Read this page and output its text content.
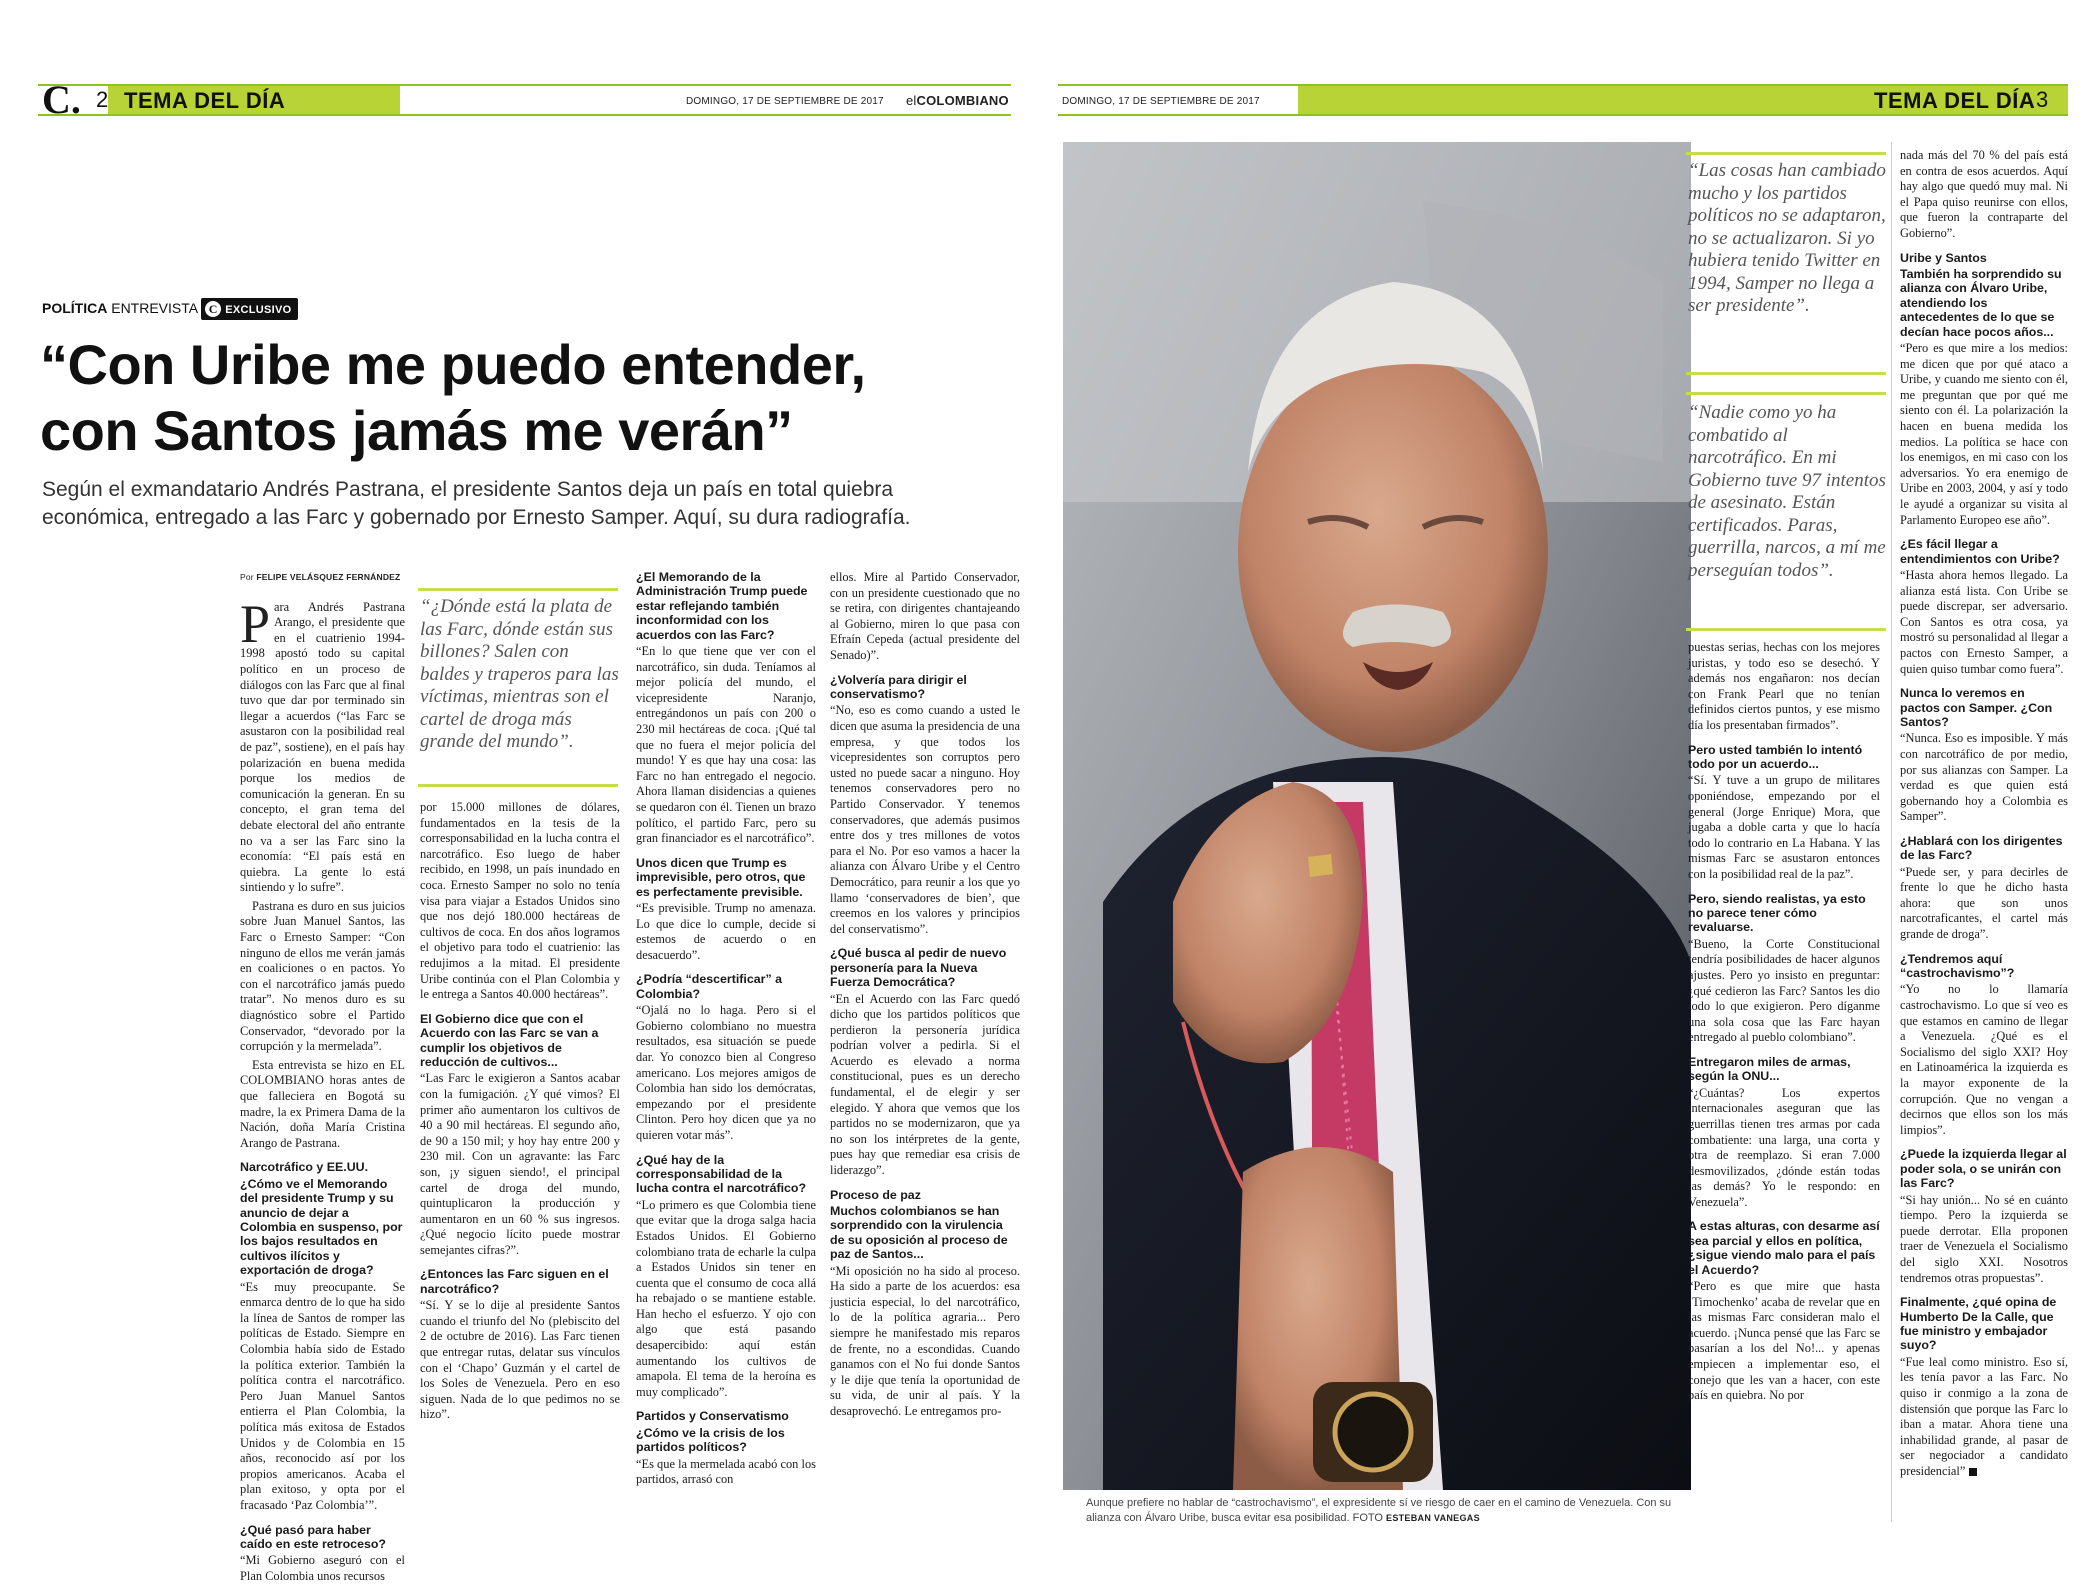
C. 2 TEMA DEL DÍA	DOMINGO, 17 DE SEPTIEMBRE DE 2017 elCOLOMBIANO	DOMINGO, 17 DE SEPTIEMBRE DE 2017	TEMA DEL DÍA 3
POLÍTICA ENTREVISTA C EXCLUSIVO
“Con Uribe me puedo entender,
con Santos jamás me verán”
Según el exmandatario Andrés Pastrana, el presidente Santos deja un país en total quiebra
económica, entregado a las Farc y gobernado por Ernesto Samper. Aquí, su dura radiografía.
“¿Dónde está la plata de las Farc, dónde están sus billones? Salen con baldes y traperos para las víctimas, mientras son el cartel de droga más grande del mundo”.
Por FELIPE VELÁSQUEZ FERNÁNDEZ

Para Andrés Pastrana Arango, el presidente que en el cuatrienio 1994-1998 apostó todo su capital político en un proceso de diálogos con las Farc que al final tuvo que dar por terminado sin llegar a acuerdos (“las Farc se asustaron con la posibilidad real de paz”, sostiene), en el país hay polarización en buena medida porque los medios de comunicación la generan. En su concepto, el gran tema del debate electoral del año entrante no va a ser las Farc sino la economía: “El país está en quiebra. La gente lo está sintiendo y lo sufre”.

Pastrana es duro en sus juicios sobre Juan Manuel Santos, las Farc o Ernesto Samper: “Con ninguno de ellos me verán jamás en coaliciones o en pactos. Yo con el narcotráfico jamás puedo tratar”. No menos duro es su diagnóstico sobre el Partido Conservador, “devorado por la corrupción y la mermelada”.

Esta entrevista se hizo en EL COLOMBIANO horas antes de que falleciera en Bogotá su madre, la ex Primera Dama de la Nación, doña María Cristina Arango de Pastrana.

Narcotráfico y EE.UU.
¿Cómo ve el Memorando del presidente Trump y su anuncio de dejar a Colombia en suspenso, por los bajos resultados en cultivos ilícitos y exportación de droga?

“Es muy preocupante. Se enmarca dentro de lo que ha sido la línea de Santos de romper las políticas de Estado. Siempre en Colombia había sido de Estado la política exterior. También la política contra el narcotráfico. Pero Juan Manuel Santos entierra el Plan Colombia, la política más exitosa de Estados Unidos y de Colombia en 15 años, reconocido así por los propios americanos. Acaba el plan exitoso, y opta por el fracasado ‘Paz Colombia’”.

¿Qué pasó para haber caído en este retroceso?

“Mi Gobierno aseguró con el Plan Colombia unos recursos

por 15.000 millones de dólares, fundamentados en la tesis de la corresponsabilidad en la lucha contra el narcotráfico. Eso luego de haber recibido, en 1998, un país inundado en coca. Ernesto Samper no solo no tenía visa para viajar a Estados Unidos sino que nos dejó 180.000 hectáreas de cultivos de coca. En dos años logramos el objetivo para todo el cuatrienio: las redujimos a la mitad. El presidente Uribe continúa con el Plan Colombia y le entrega a Santos 40.000 hectáreas”.

El Gobierno dice que con el Acuerdo con las Farc se van a cumplir los objetivos de reducción de cultivos...

“Las Farc le exigieron a Santos acabar con la fumigación. ¿Y qué vimos? El primer año aumentaron los cultivos de 40 a 90 mil hectáreas. El segundo año, de 90 a 150 mil; y hoy hay entre 200 y 230 mil. Con un agravante: las Farc son, ¡y siguen siendo!, el principal cartel de droga del mundo, quintuplicaron la producción y aumentaron en un 60 % sus ingresos. ¿Qué negocio lícito puede mostrar semejantes cifras?”.

¿Entonces las Farc siguen en el narcotráfico?

“Sí. Y se lo dije al presidente Santos cuando el triunfo del No (plebiscito del 2 de octubre de 2016). Las Farc tienen que entregar rutas, delatar sus vínculos con el ‘Chapo’ Guzmán y el cartel de los Soles de Venezuela. Pero en eso siguen. Nada de lo que pedimos no se hizo”.

¿El Memorando de la Administración Trump puede estar reflejando también inconformidad con los acuerdos con las Farc?

“En lo que tiene que ver con el narcotráfico, sin duda. Teníamos al mejor policía del mundo, el vicepresidente Naranjo, entregándonos un país con 200 o 230 mil hectáreas de coca. ¡Qué tal que no fuera el mejor policía del mundo! Y es que hay una cosa: las Farc no han entregado el negocio. Ahora llaman disidencias a quienes se quedaron con él. Tienen un brazo político, el partido Farc, pero su gran financiador es el narcotráfico”.

Unos dicen que Trump es imprevisible, pero otros, que es perfectamente previsible.

“Es previsible. Trump no amenaza. Lo que dice lo cumple, decide si estemos de acuerdo o en desacuerdo”.

¿Podría “descertificar” a Colombia?

“Ojalá no lo haga. Pero si el Gobierno colombiano no muestra resultados, esa situación se puede dar. Yo conozco bien al Congreso americano. Los mejores amigos de Colombia han sido los demócratas, empezando por el presidente Clinton. Pero hoy dicen que ya no quieren votar más”.

¿Qué hay de la corresponsabilidad de la lucha contra el narcotráfico?

“Lo primero es que Colombia tiene que evitar que la droga salga hacia Estados Unidos. El Gobierno colombiano trata de echarle la culpa a Estados Unidos sin tener en cuenta que el consumo de coca allá ha rebajado o se mantiene estable. Han hecho el esfuerzo. Y ojo con algo que está pasando desapercibido: aquí están aumentando los cultivos de amapola. El tema de la heroína es muy complicado”.

Partidos y Conservatismo
¿Cómo ve la crisis de los partidos políticos?

“Es que la mermelada acabó con los partidos, arrasó con

ellos. Mire al Partido Conservador, con un presidente cuestionado que no se retira, con dirigentes chantajeando al Gobierno, miren lo que pasa con Efraín Cepeda (actual presidente del Senado)”.

¿Volvería para dirigir el conservatismo?

“No, eso es como cuando a usted le dicen que asuma la presidencia de una empresa, y que todos los vicepresidentes son corruptos pero usted no puede sacar a ninguno. Hoy tenemos conservadores pero no Partido Conservador. Y tenemos conservadores, que además pusimos entre dos y tres millones de votos para el No. Por eso vamos a hacer la alianza con Álvaro Uribe y el Centro Democrático, para reunir a los que yo llamo ‘conservadores de bien’, que creemos en los valores y principios del conservatismo”.

¿Qué busca al pedir de nuevo personería para la Nueva Fuerza Democrática?

“En el Acuerdo con las Farc quedó dicho que los partidos políticos que perdieron la personería jurídica podrían volver a pedirla. Si el Acuerdo es elevado a norma constitucional, pues es un derecho fundamental, el de elegir y ser elegido. Y ahora que vemos que los partidos no se modernizaron, que ya no son los intérpretes de la gente, pues hay que remediar esa crisis de liderazgo”.

Proceso de paz
Muchos colombianos se han sorprendido con la virulencia de su oposición al proceso de paz de Santos...

“Mi oposición no ha sido al proceso. Ha sido a parte de los acuerdos: esa justicia especial, lo del narcotráfico, lo de la política agraria... Pero siempre he manifestado mis reparos de frente, no a escondidas. Cuando ganamos con el No fui donde Santos y le dije que tenía la oportunidad de su vida, de unir al país. Y la desaprovechó. Le entregamos pro-

Aunque prefiere no hablar de “castrochavismo”, el expresidente sí ve riesgo de caer en el camino de Venezuela. Con su alianza con Álvaro Uribe, busca evitar esa posibilidad. FOTO ESTEBAN VANEGAS
“Las cosas han cambiado mucho y los partidos políticos no se adaptaron, no se actualizaron. Si yo hubiera tenido Twitter en 1994, Samper no llega a ser presidente”.
“Nadie como yo ha combatido al narcotráfico. En mi Gobierno tuve 97 intentos de asesinato. Están certificados. Paras, guerrilla, narcos, a mí me perseguían todos”.

puestas serias, hechas con los mejores juristas, y todo eso se desechó. Y además nos engañaron: nos decían con Frank Pearl que no tenían definidos ciertos puntos, y ese mismo día los presentaban firmados”.

Pero usted también lo intentó todo por un acuerdo...

“Sí. Y tuve a un grupo de militares oponiéndose, empezando por el general (Jorge Enrique) Mora, que jugaba a doble carta y que lo hacía todo lo contrario en La Habana. Y las mismas Farc se asustaron entonces con la posibilidad real de la paz”.

Pero, siendo realistas, ya esto no parece tener cómo revaluarse.

“Bueno, la Corte Constitucional tendría posibilidades de hacer algunos ajustes. Pero yo insisto en preguntar: ¿qué cedieron las Farc? Santos les dio todo lo que exigieron. Pero díganme una sola cosa que las Farc hayan entregado al pueblo colombiano”.

Entregaron miles de armas, según la ONU...

“¿Cuántas? Los expertos internacionales aseguran que las guerrillas tienen tres armas por cada combatiente: una larga, una corta y otra de reemplazo. Si eran 7.000 desmovilizados, ¿dónde están todas las demás? Yo le respondo: en Venezuela”.

A estas alturas, con desarme así sea parcial y ellos en política, ¿sigue viendo malo para el país el Acuerdo?

“Pero es que mire que hasta ‘Timochenko’ acaba de revelar que en las mismas Farc consideran malo el acuerdo. ¡Nunca pensé que las Farc se pasarían a los del No!... y apenas empiecen a implementar eso, el conejo que les van a hacer, con este país en quiebra. No por

nada más del 70 % del país está en contra de esos acuerdos. Aquí hay algo que quedó muy mal. Ni el Papa quiso reunirse con ellos, que fueron la contraparte del Gobierno”.

Uribe y Santos
También ha sorprendido su alianza con Álvaro Uribe, atendiendo los antecedentes de lo que se decían hace pocos años...

“Pero es que mire a los medios: me dicen que por qué ataco a Uribe, y cuando me siento con él, me preguntan que por qué me siento con él. La polarización la hacen en buena medida los medios. La política se hace con los enemigos, en mi caso con los adversarios. Yo era enemigo de Uribe en 2003, 2004, y así y todo le ayudé a organizar su visita al Parlamento Europeo ese año”.

¿Es fácil llegar a entendimientos con Uribe?

“Hasta ahora hemos llegado. La alianza está lista. Con Uribe se puede discrepar, ser adversario. Con Santos es otra cosa, ya mostró su personalidad al llegar a pactos con Ernesto Samper, a quien quiso tumbar como fuera”.

Nunca lo veremos en pactos con Samper. ¿Con Santos?

“Nunca. Eso es imposible. Y más con narcotráfico de por medio, por sus alianzas con Samper. La verdad es que quien está gobernando hoy a Colombia es Samper”.

¿Hablará con los dirigentes de las Farc?

“Puede ser, y para decirles de frente lo que he dicho hasta ahora: que son unos narcotraficantes, el cartel más grande de droga”.

¿Tendremos aquí “castrochavismo”?

“Yo no lo llamaría castrochavismo. Lo que sí veo es que estamos en camino de llegar a Venezuela. ¿Qué es el Socialismo del siglo XXI? Hoy en Latinoamérica la izquierda es la mayor exponente de la corrupción. Que no vengan a decirnos que ellos son los más limpios”.

¿Puede la izquierda llegar al poder sola, o se unirán con las Farc?

“Si hay unión... No sé en cuánto tiempo. Pero la izquierda se puede derrotar. Ella proponen traer de Venezuela el Socialismo del siglo XXI. Nosotros tendremos otras propuestas”.

Finalmente, ¿qué opina de Humberto De la Calle, que fue ministro y embajador suyo?

“Fue leal como ministro. Eso sí, les tenía pavor a las Farc. No quiso ir conmigo a la zona de distensión que porque las Farc lo iban a matar. Ahora tiene una inhabilidad grande, al pasar de ser negociador a candidato presidencial”
